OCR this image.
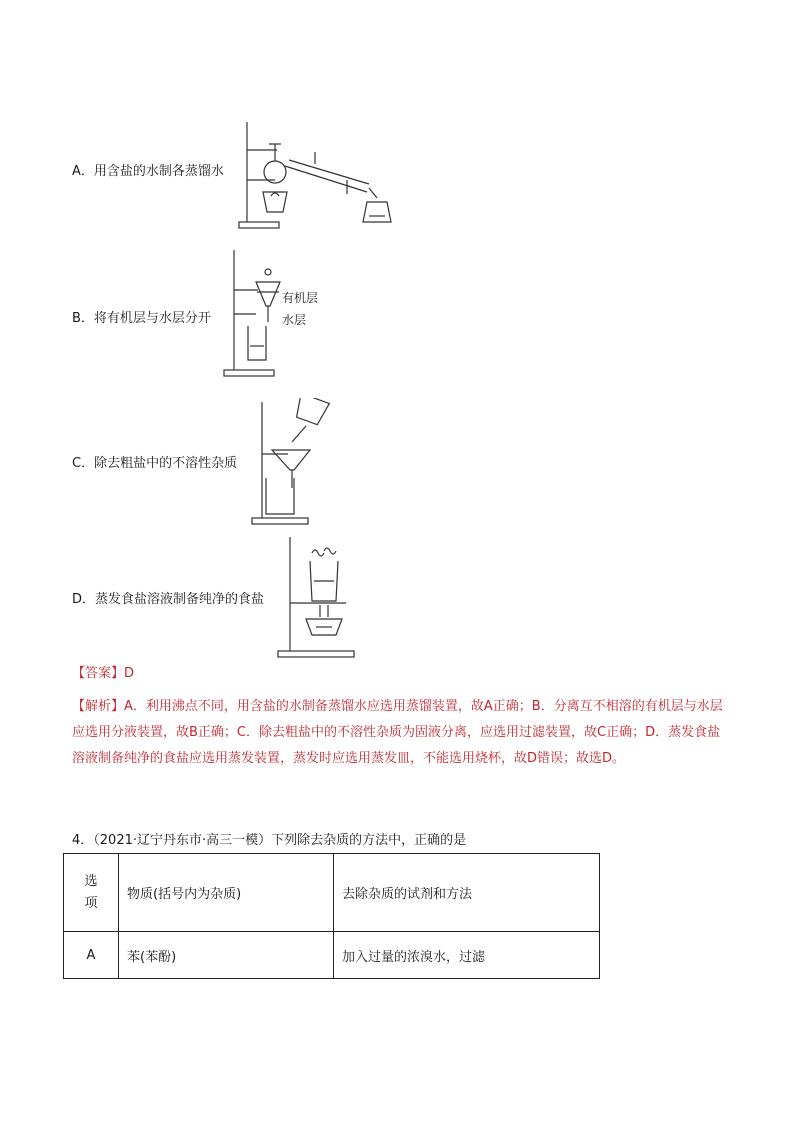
A．用含盐的水制各蒸馏水
B．将有机层与水层分开
有机层
水层
C．除去粗盐中的不溶性杂质
D．蒸发食盐溶液制备纯净的食盐
【答案】D
【解析】A．利用沸点不同，用含盐的水制备蒸馏水应选用蒸馏装置，故A正确；B．分离互不相溶的有机层与水层应选用分液装置，故B正确；C．除去粗盐中的不溶性杂质为固液分离，应选用过滤装置，故C正确；D．蒸发食盐溶液制备纯净的食盐应选用蒸发装置，蒸发时应选用蒸发皿，不能选用烧杯，故D错误；故选D。
4．（2021·辽宁丹东市·高三一模）下列除去杂质的方法中，正确的是
选
项	物质(括号内为杂质)	去除杂质的试剂和方法
A	苯(苯酚)	加入过量的浓溴水，过滤
